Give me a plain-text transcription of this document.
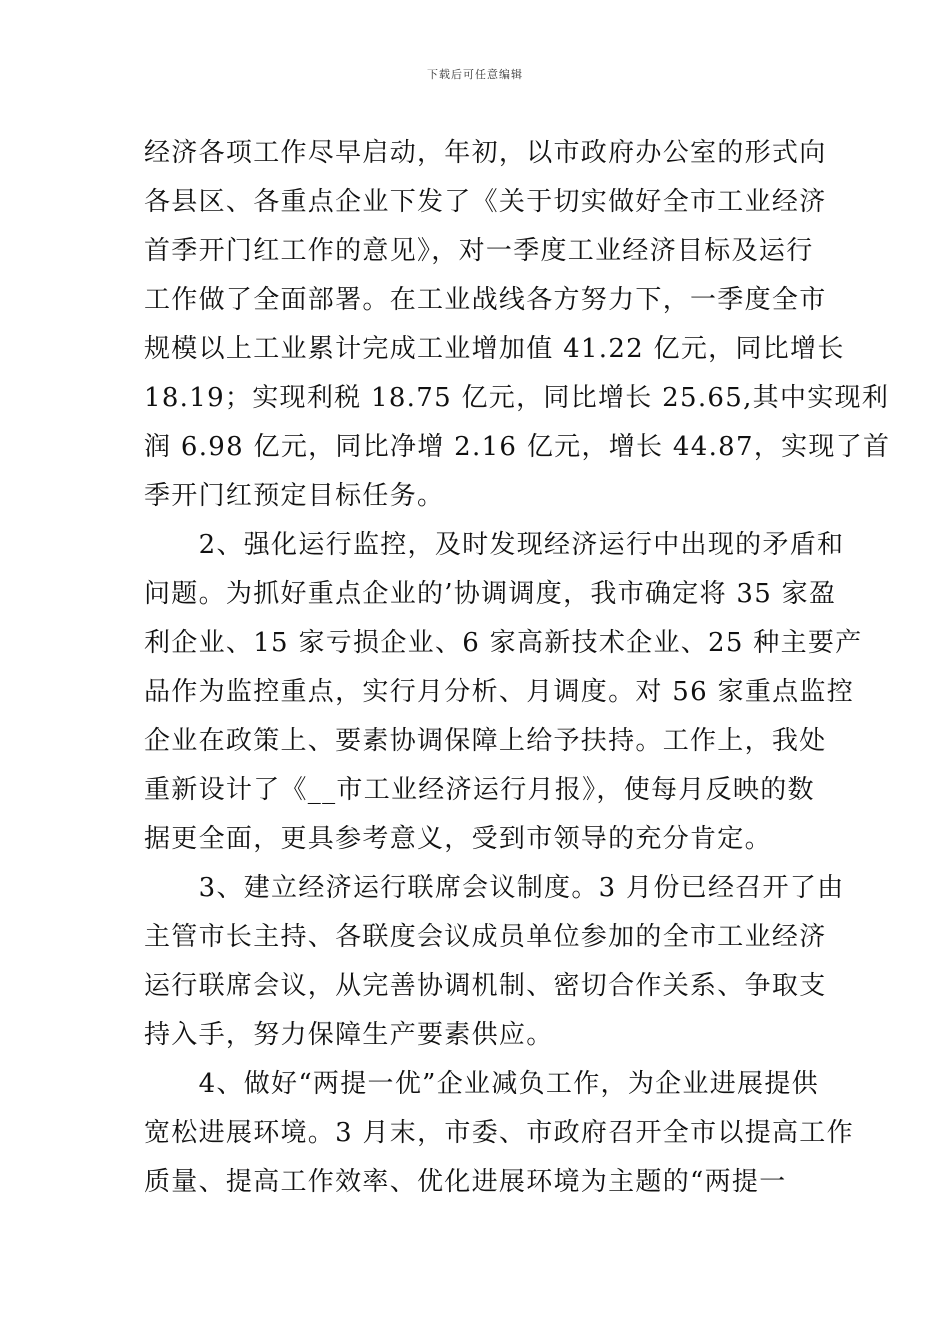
下载后可任意编辑
经济各项工作尽早启动，年初，以市政府办公室的形式向
各县区、各重点企业下发了《关于切实做好全市工业经济
首季开门红工作的意见》，对一季度工业经济目标及运行
工作做了全面部署。在工业战线各方努力下，一季度全市
规模以上工业累计完成工业增加值 41.22 亿元，同比增长
18.19；实现利税 18.75 亿元，同比增长 25.65,其中实现利
润 6.98 亿元，同比净增 2.16 亿元，增长 44.87，实现了首
季开门红预定目标任务。
　　2、强化运行监控，及时发现经济运行中出现的矛盾和
问题。为抓好重点企业的’协调调度，我市确定将 35 家盈
利企业、15 家亏损企业、6 家高新技术企业、25 种主要产
品作为监控重点，实行月分析、月调度。对 56 家重点监控
企业在政策上、要素协调保障上给予扶持。工作上，我处
重新设计了《__市工业经济运行月报》，使每月反映的数
据更全面，更具参考意义，受到市领导的充分肯定。
　　3、建立经济运行联席会议制度。3 月份已经召开了由
主管市长主持、各联度会议成员单位参加的全市工业经济
运行联席会议，从完善协调机制、密切合作关系、争取支
持入手，努力保障生产要素供应。
　　4、做好“两提一优”企业减负工作，为企业进展提供
宽松进展环境。3 月末，市委、市政府召开全市以提高工作
质量、提高工作效率、优化进展环境为主题的“两提一
